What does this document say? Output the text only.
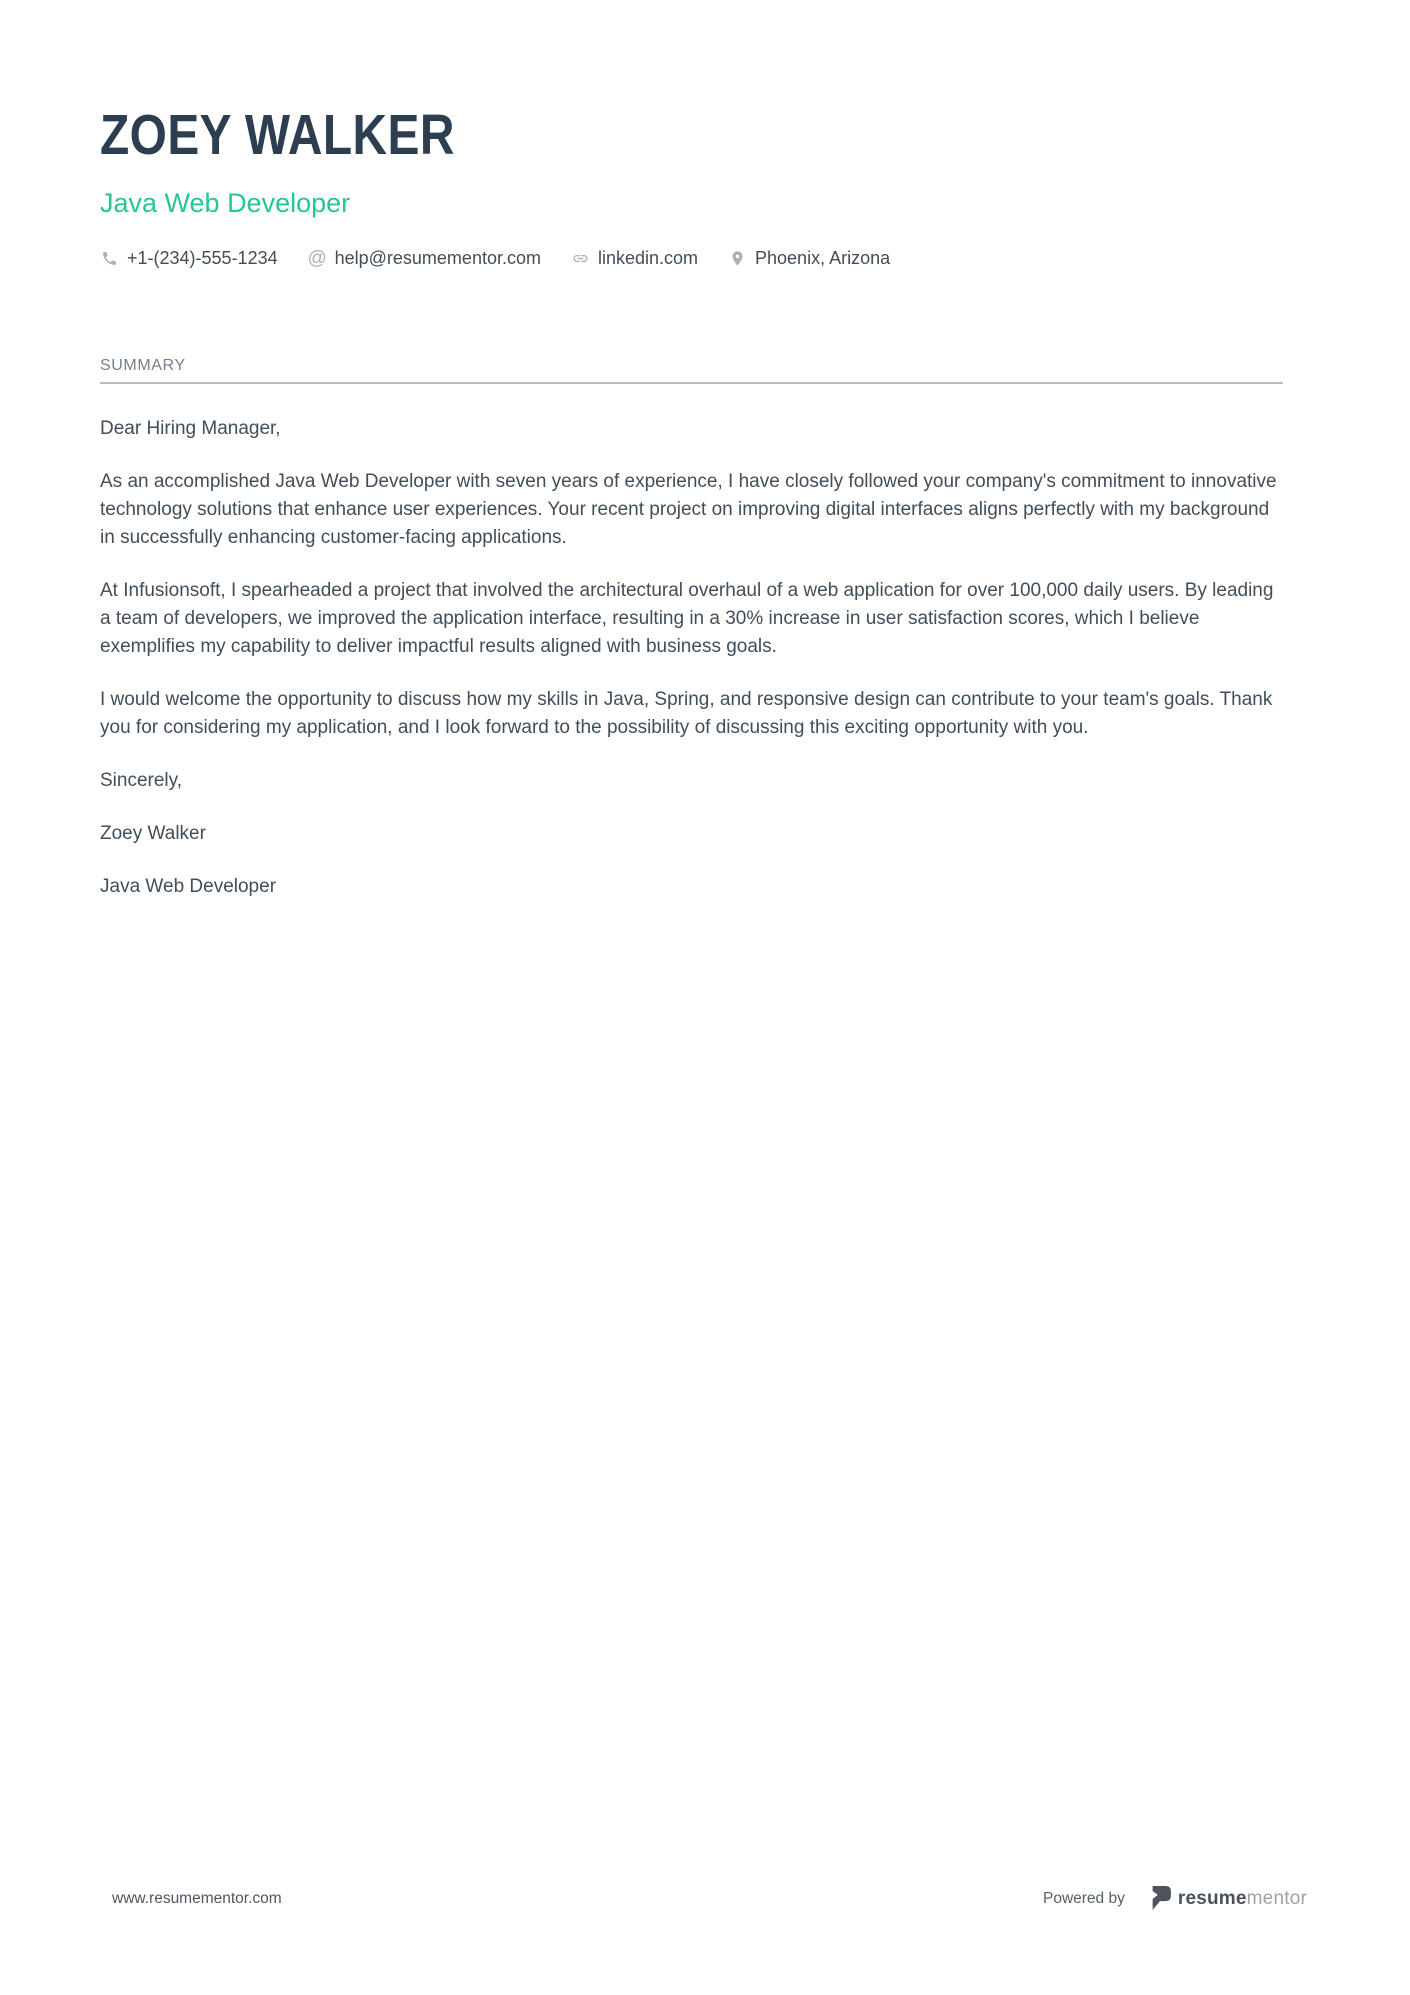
ZOEY WALKER
Java Web Developer
+1-(234)-555-1234 @ help@resumementor.com	linkedin.com	Phoenix, Arizona
SUMMARY

Dear Hiring Manager,

As an accomplished Java Web Developer with seven years of experience, I have closely followed your company's commitment to innovative technology solutions that enhance user experiences. Your recent project on improving digital interfaces aligns perfectly with my background in successfully enhancing customer-facing applications.

At Infusionsoft, I spearheaded a project that involved the architectural overhaul of a web application for over 100,000 daily users. By leading a team of developers, we improved the application interface, resulting in a 30% increase in user satisfaction scores, which I believe exemplifies my capability to deliver impactful results aligned with business goals.

I would welcome the opportunity to discuss how my skills in Java, Spring, and responsive design can contribute to your team's goals. Thank you for considering my application, and I look forward to the possibility of discussing this exciting opportunity with you.

Sincerely,

Zoey Walker

Java Web Developer

www.resumementor.com	Powered by	resumementor
